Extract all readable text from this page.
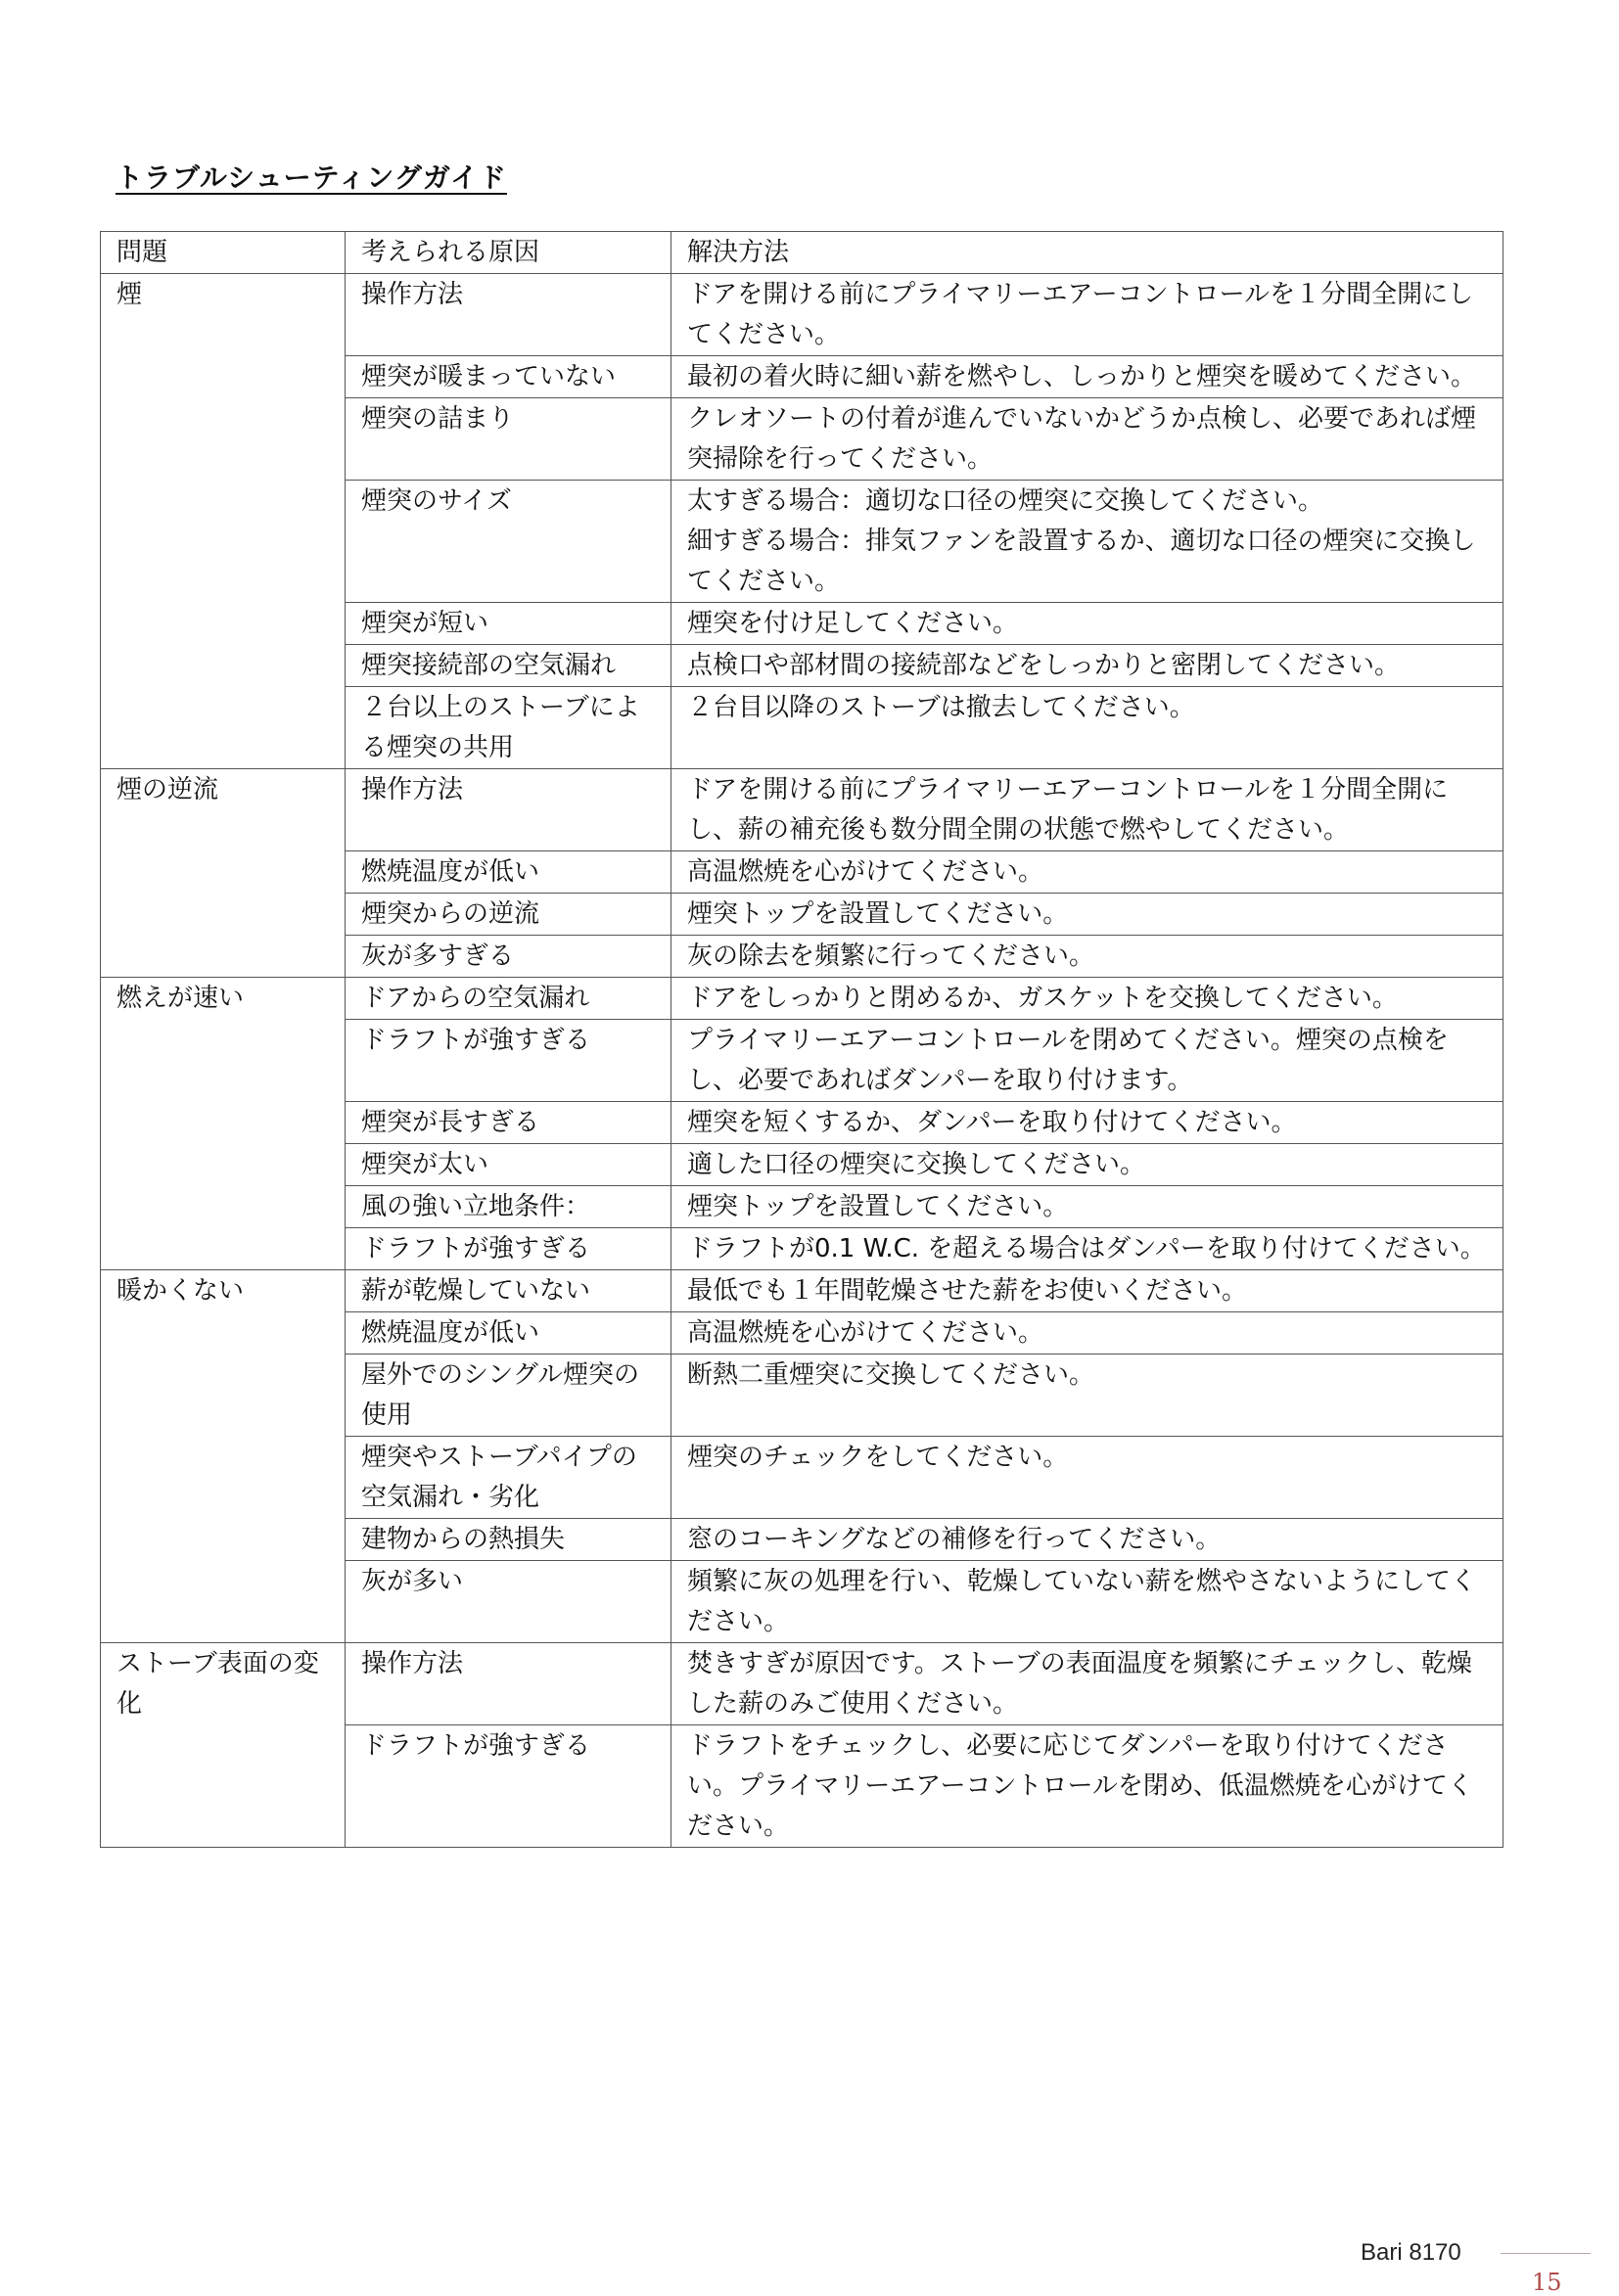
トラブルシューティングガイド
問題	考えられる原因	解決方法
煙	操作方法	ドアを開ける前にプライマリーエアーコントロールを１分間全開にしてください。
	煙突が暖まっていない	最初の着火時に細い薪を燃やし、しっかりと煙突を暖めてください。
	煙突の詰まり	クレオソートの付着が進んでいないかどうか点検し、必要であれば煙突掃除を行ってください。
	煙突のサイズ	太すぎる場合：適切な口径の煙突に交換してください。
細すぎる場合：排気ファンを設置するか、適切な口径の煙突に交換してください。
	煙突が短い	煙突を付け足してください。
	煙突接続部の空気漏れ	点検口や部材間の接続部などをしっかりと密閉してください。
	２台以上のストーブによる煙突の共用	２台目以降のストーブは撤去してください。
煙の逆流	操作方法	ドアを開ける前にプライマリーエアーコントロールを１分間全開にし、薪の補充後も数分間全開の状態で燃やしてください。
	燃焼温度が低い	高温燃焼を心がけてください。
	煙突からの逆流	煙突トップを設置してください。
	灰が多すぎる	灰の除去を頻繁に行ってください。
燃えが速い	ドアからの空気漏れ	ドアをしっかりと閉めるか、ガスケットを交換してください。
	ドラフトが強すぎる	プライマリーエアーコントロールを閉めてください。煙突の点検をし、必要であればダンパーを取り付けます。
	煙突が長すぎる	煙突を短くするか、ダンパーを取り付けてください。
	煙突が太い	適した口径の煙突に交換してください。
	風の強い立地条件：	煙突トップを設置してください。
	ドラフトが強すぎる	ドラフトが0.1 W.C. を超える場合はダンパーを取り付けてください。
暖かくない	薪が乾燥していない	最低でも１年間乾燥させた薪をお使いください。
	燃焼温度が低い	高温燃焼を心がけてください。
	屋外でのシングル煙突の使用	断熱二重煙突に交換してください。
	煙突やストーブパイプの空気漏れ・劣化	煙突のチェックをしてください。
	建物からの熱損失	窓のコーキングなどの補修を行ってください。
	灰が多い	頻繁に灰の処理を行い、乾燥していない薪を燃やさないようにしてください。
ストーブ表面の変化	操作方法	焚きすぎが原因です。ストーブの表面温度を頻繁にチェックし、乾燥した薪のみご使用ください。
	ドラフトが強すぎる	ドラフトをチェックし、必要に応じてダンパーを取り付けてください。プライマリーエアーコントロールを閉め、低温燃焼を心がけてください。
Bari 8170
15
